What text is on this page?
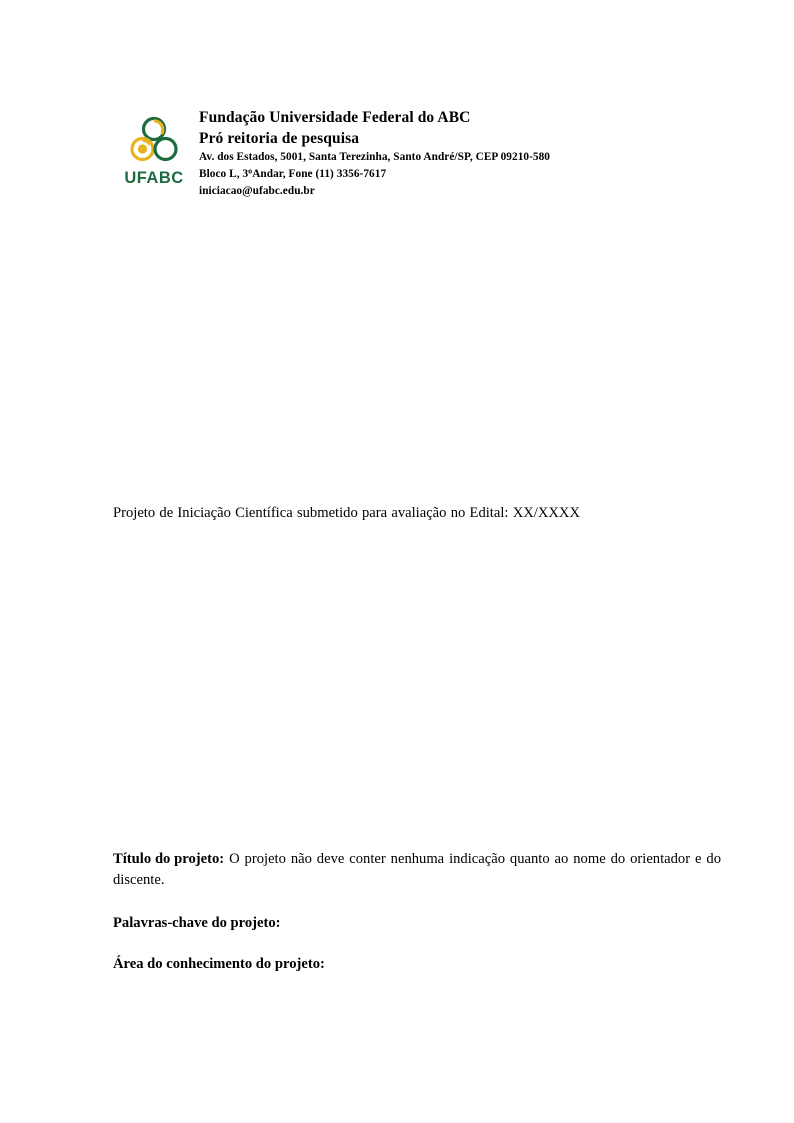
UFABC
Fundação Universidade Federal do ABC
Pró reitoria de pesquisa
Av. dos Estados, 5001, Santa Terezinha, Santo André/SP, CEP 09210-580
Bloco L, 3$^o$Andar, Fone (11) 3356-7617
iniciacao@ufabc.edu.br
Projeto de Iniciação Científica submetido para avaliação no Edital: XX/XXXX

Título do projeto: O projeto não deve conter nenhuma indicação quanto ao nome do orientador e do discente.

Palavras-chave do projeto:
Área do conhecimento do projeto:
